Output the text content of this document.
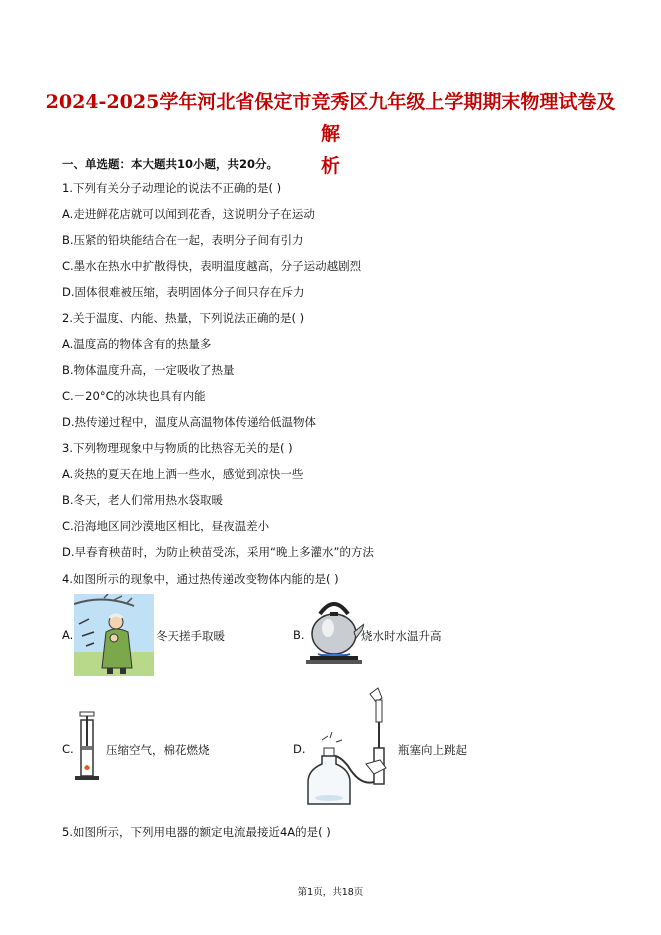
2024-2025学年河北省保定市竞秀区九年级上学期期末物理试卷及解
析
一、单选题：本大题共10小题，共20分。
1.下列有关分子动理论的说法不正确的是( )
A.走进鲜花店就可以闻到花香，这说明分子在运动
B.压紧的铅块能结合在一起，表明分子间有引力
C.墨水在热水中扩散得快，表明温度越高，分子运动越剧烈
D.固体很难被压缩，表明固体分子间只存在斥力
2.关于温度、内能、热量，下列说法正确的是( )
A.温度高的物体含有的热量多
B.物体温度升高，一定吸收了热量
C.－20°C的冰块也具有内能
D.热传递过程中，温度从高温物体传递给低温物体
3.下列物理现象中与物质的比热容无关的是( )
A.炎热的夏天在地上洒一些水，感觉到凉快一些
B.冬天，老人们常用热水袋取暖
C.沿海地区同沙漠地区相比，昼夜温差小
D.早春育秧苗时，为防止秧苗受冻，采用“晚上多灌水”的方法
4.如图所示的现象中，通过热传递改变物体内能的是( )
A.	冬天搓手取暖	B.	烧水时水温升高
C.	压缩空气，棉花燃烧	D.	瓶塞向上跳起
5.如图所示，下列用电器的额定电流最接近4A的是( )
第1页，共18页
